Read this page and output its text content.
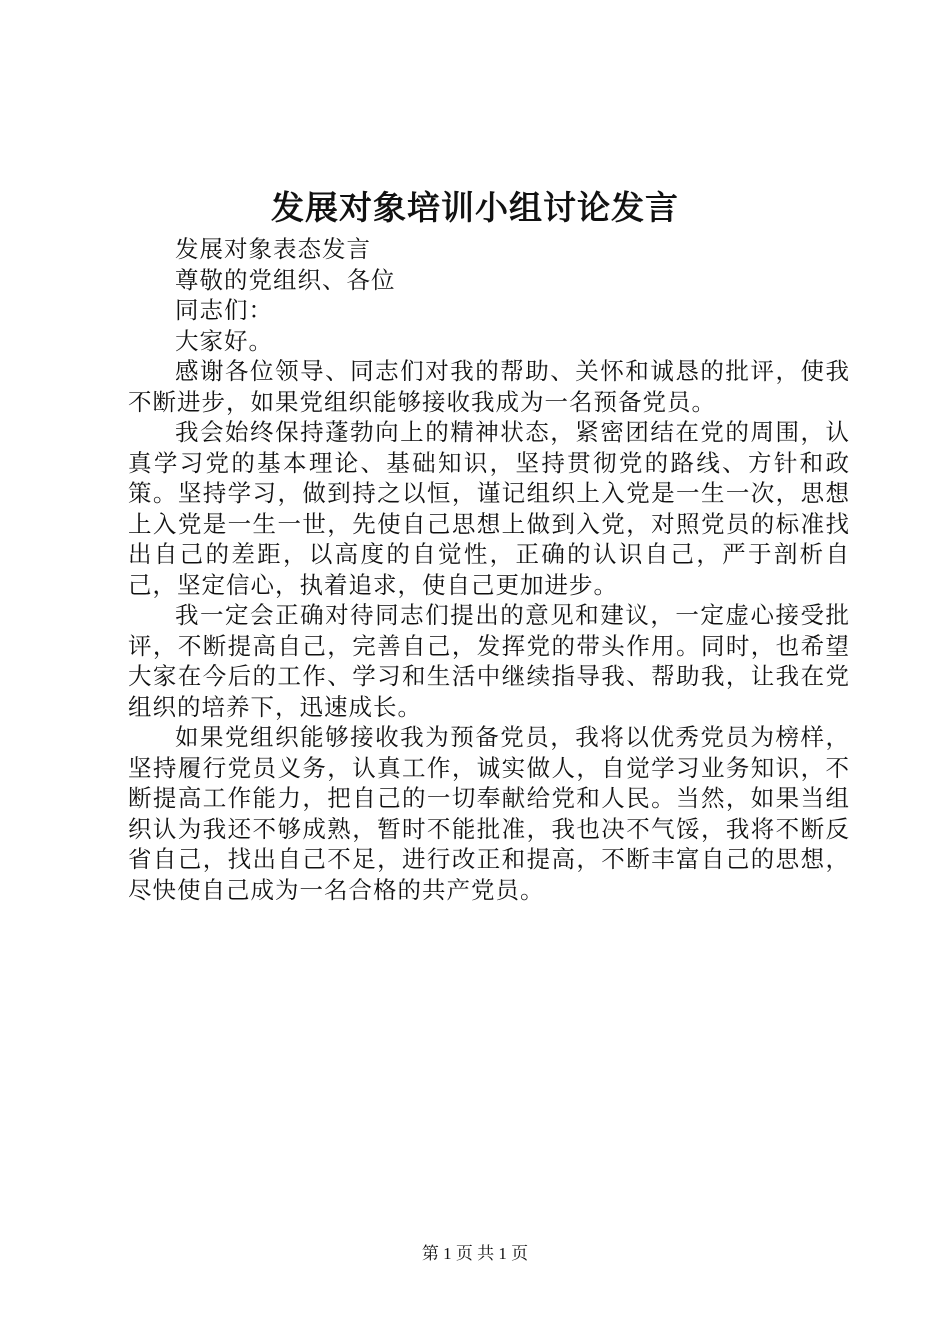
发展对象培训小组讨论发言

发展对象表态发言

尊敬的党组织、各位

同志们：

大家好。

感谢各位领导、同志们对我的帮助、关怀和诚恳的批评，使我不断进步，如果党组织能够接收我成为一名预备党员。

我会始终保持蓬勃向上的精神状态，紧密团结在党的周围，认真学习党的基本理论、基础知识，坚持贯彻党的路线、方针和政策。坚持学习，做到持之以恒，谨记组织上入党是一生一次，思想上入党是一生一世，先使自己思想上做到入党，对照党员的标准找出自己的差距，以高度的自觉性，正确的认识自己，严于剖析自己，坚定信心，执着追求，使自己更加进步。

我一定会正确对待同志们提出的意见和建议，一定虚心接受批评，不断提高自己，完善自己，发挥党的带头作用。同时，也希望大家在今后的工作、学习和生活中继续指导我、帮助我，让我在党组织的培养下，迅速成长。

如果党组织能够接收我为预备党员，我将以优秀党员为榜样，坚持履行党员义务，认真工作，诚实做人，自觉学习业务知识，不断提高工作能力，把自己的一切奉献给党和人民。当然，如果当组织认为我还不够成熟，暂时不能批准，我也决不气馁，我将不断反省自己，找出自己不足，进行改正和提高，不断丰富自己的思想，尽快使自己成为一名合格的共产党员。

第 1 页 共 1 页
